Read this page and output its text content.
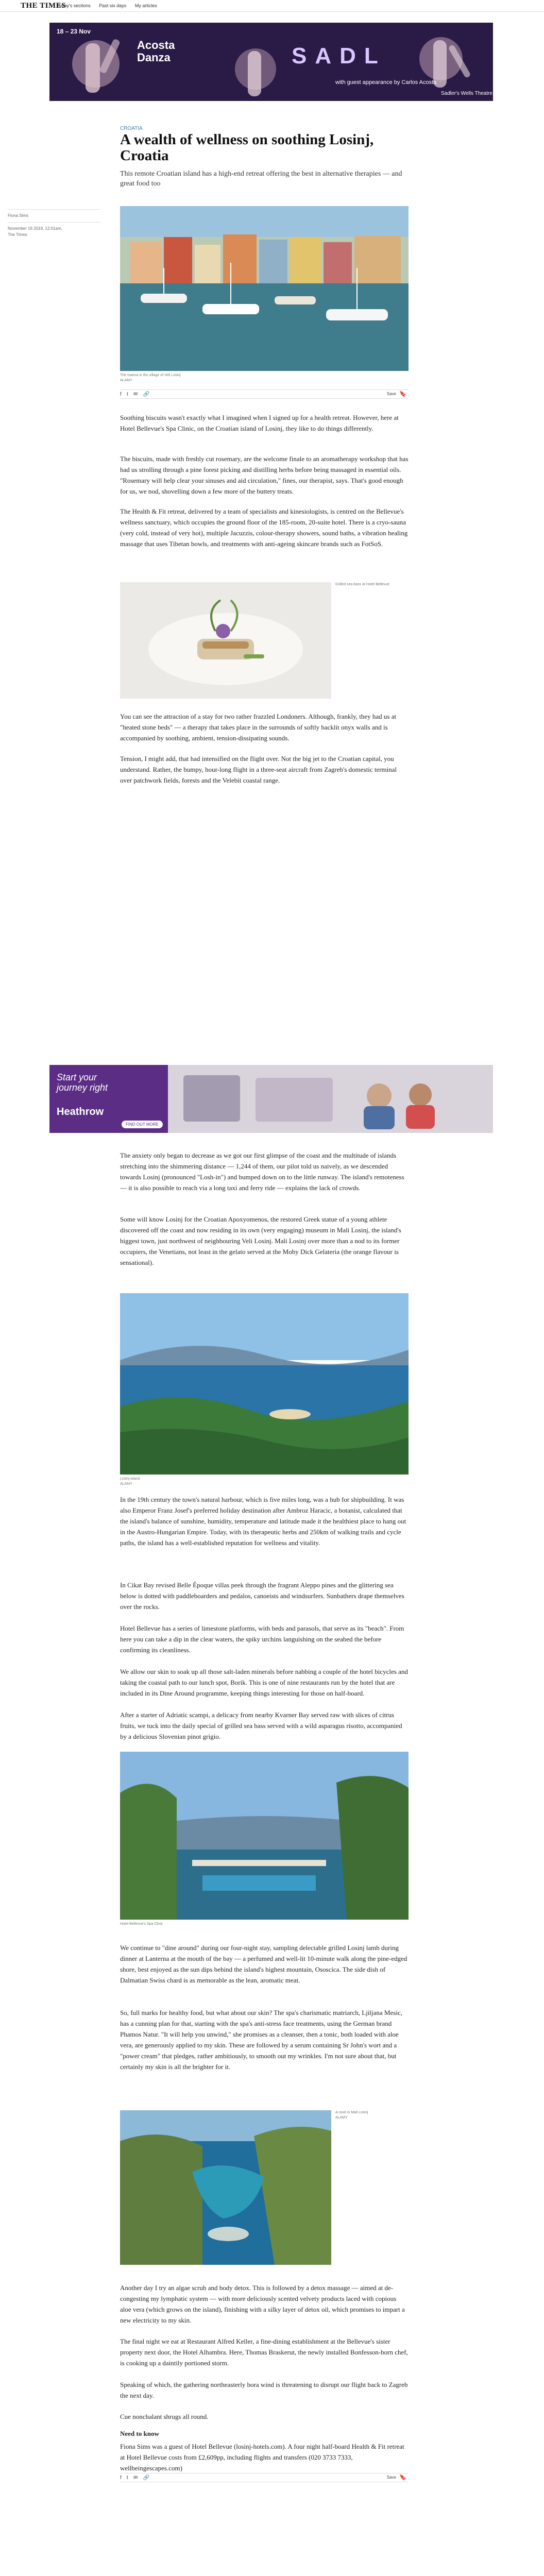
THE TIMES
Today's sections Past six days My articles
18 – 23 Nov
Acosta
Danza	SADL
with guest appearance by Carlos Acosta
Sadler's Wells Theatre
CROATIA
A wealth of wellness on soothing Losinj, Croatia
This remote Croatian island has a high-end retreat offering the best in alternative therapies — and great food too
Fiona Sims
November 16 2019, 12:01am,
The Times
The marina in the village of Veli Losinj
ALAMY
f t ✉ 🔗	Save 🔖

Soothing biscuits wasn't exactly what I imagined when I signed up for a health retreat. However, here at Hotel Bellevue's Spa Clinic, on the Croatian island of Losinj, they like to do things differently.

The biscuits, made with freshly cut rosemary, are the welcome finale to an aromatherapy workshop that has had us strolling through a pine forest picking and distilling herbs before being massaged in essential oils. "Rosemary will help clear your sinuses and aid circulation," fines, our therapist, says. That's good enough for us, we nod, shovelling down a few more of the buttery treats.

The Health & Fit retreat, delivered by a team of specialists and kinesiologists, is centred on the Bellevue's wellness sanctuary, which occupies the ground floor of the 185-room, 20-suite hotel. There is a cryo-sauna (very cold, instead of very hot), multiple Jacuzzis, colour-therapy showers, sound baths, a vibration healing massage that uses Tibetan bowls, and treatments with anti-ageing skincare brands such as FotSoS.

Grilled sea bass at Hotel Bellevue

You can see the attraction of a stay for two rather frazzled Londoners. Although, frankly, they had us at "heated stone beds" — a therapy that takes place in the surrounds of softly backlit onyx walls and is accompanied by soothing, ambient, tension-dissipating sounds.

Tension, I might add, that had intensified on the flight over. Not the big jet to the Croatian capital, you understand. Rather, the bumpy, hour-long flight in a three-seat aircraft from Zagreb's domestic terminal over patchwork fields, forests and the Velebit coastal range.

Start your
journey right
Heathrow
FIND OUT MORE

The anxiety only began to decrease as we got our first glimpse of the coast and the multitude of islands stretching into the shimmering distance — 1,244 of them, our pilot told us naively, as we descended towards Losinj (pronounced "Losh-in") and bumped down on to the little runway. The island's remoteness — it is also possible to reach via a long taxi and ferry ride — explains the lack of crowds.

Some will know Losinj for the Croatian Apoxyomenos, the restored Greek statue of a young athlete discovered off the coast and now residing in its own (very engaging) museum in Mali Losinj, the island's biggest town, just northwest of neighbouring Veli Losinj. Mali Losinj over more than a nod to its former occupiers, the Venetians, not least in the gelato served at the Moby Dick Gelateria (the orange flavour is sensational).

Losinj island
ALAMY

In the 19th century the town's natural harbour, which is five miles long, was a hub for shipbuilding. It was also Emperor Franz Josef's preferred holiday destination after Ambroz Haracic, a botanist, calculated that the island's balance of sunshine, humidity, temperature and latitude made it the healthiest place to hang out in the Austro-Hungarian Empire. Today, with its therapeutic herbs and 250km of walking trails and cycle paths, the island has a well-established reputation for wellness and vitality.

In Cikat Bay revised Belle Époque villas peek through the fragrant Aleppo pines and the glittering sea below is dotted with paddleboarders and pedalos, canoeists and windsurfers. Sunbathers drape themselves over the rocks.

Hotel Bellevue has a series of limestone platforms, with beds and parasols, that serve as its "beach". From here you can take a dip in the clear waters, the spiky urchins languishing on the seabed the before confirming its cleanliness.

We allow our skin to soak up all those salt-laden minerals before nabbing a couple of the hotel bicycles and taking the coastal path to our lunch spot, Borik. This is one of nine restaurants run by the hotel that are included in its Dine Around programme, keeping things interesting for those on half-board.

After a starter of Adriatic scampi, a delicacy from nearby Kvarner Bay served raw with slices of citrus fruits, we tuck into the daily special of grilled sea bass served with a wild asparagus risotto, accompanied by a delicious Slovenian pinot grigio.

Hotel Bellevue's Spa Clinic

We continue to "dine around" during our four-night stay, sampling delectable grilled Losinj lamb during dinner at Lanterna at the mouth of the bay — a perfumed and well-lit 10-minute walk along the pine-edged shore, best enjoyed as the sun dips behind the island's highest mountain, Ososcica. The side dish of Dalmatian Swiss chard is as memorable as the lean, aromatic meat.

So, full marks for healthy food, but what about our skin? The spa's charismatic matriarch, Ljiljana Mesic, has a cunning plan for that, starting with the spa's anti-stress face treatments, using the German brand Phamos Natur. "It will help you unwind," she promises as a cleanser, then a tonic, both loaded with aloe vera, are generously applied to my skin. These are followed by a serum containing Sr John's wort and a "power cream" that pledges, rather ambitiously, to smooth out my wrinkles. I'm not sure about that, but certainly my skin is all the brighter for it.

A cove in Mali Losinj
ALAMY

Another day I try an algae scrub and body detox. This is followed by a detox massage — aimed at de-congesting my lymphatic system — with more deliciously scented velvety products laced with copious aloe vera (which grows on the island), finishing with a silky layer of detox oil, which promises to impart a new electricity to my skin.

The final night we eat at Restaurant Alfred Keller, a fine-dining establishment at the Bellevue's sister property next door, the Hotel Alhambra. Here, Thomas Braskerut, the newly installed Bonfesson-born chef, is cooking up a daintily portioned storm.

Speaking of which, the gathering northeasterly bora wind is threatening to disrupt our flight back to Zagreb the next day.

Cue nonchalant shrugs all round.

Need to know

Fiona Sims was a guest of Hotel Bellevue (losinj-hotels.com). A four night half-board Health & Fit retreat at Hotel Bellevue costs from £2,609pp, including flights and transfers (020 3733 7333, wellbeingescapes.com)

f t ✉ 🔗	Save 🔖
